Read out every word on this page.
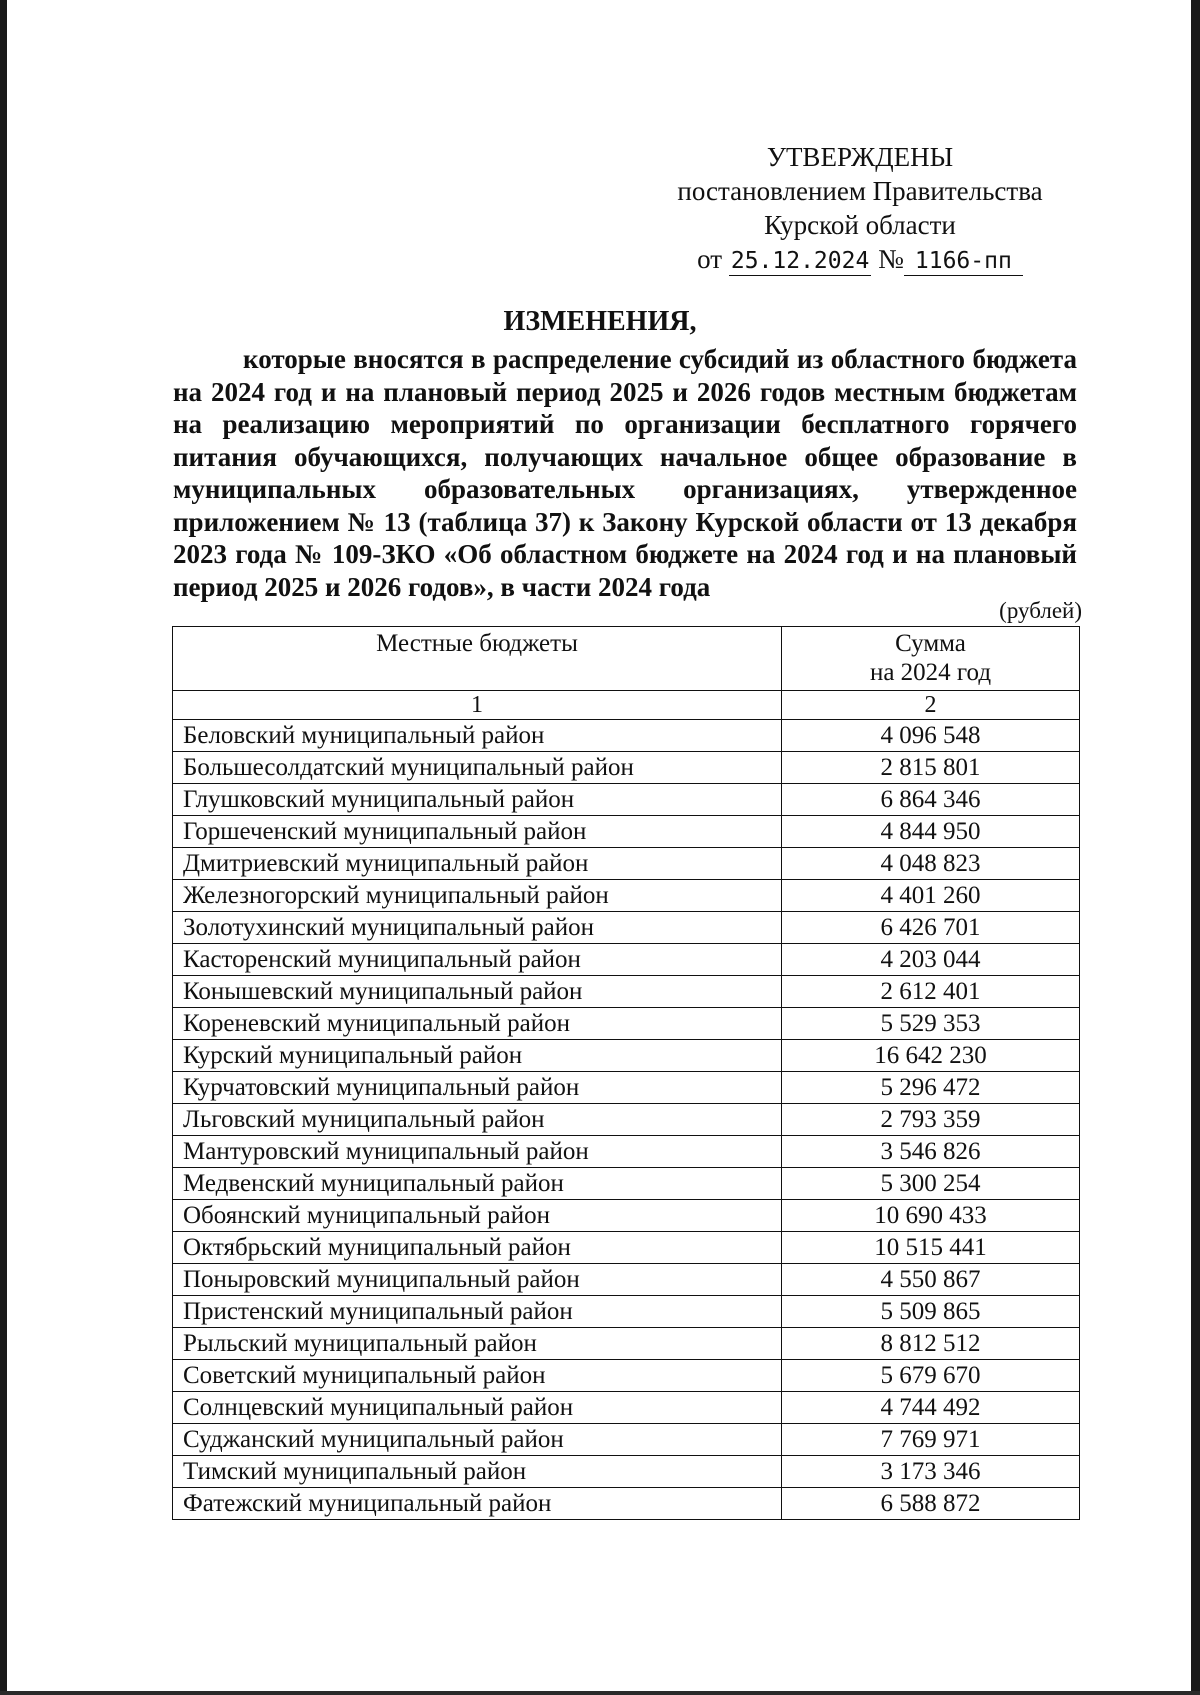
УТВЕРЖДЕНЫ
постановлением Правительства
Курской области
от 25.12.2024 № 1166-пп
ИЗМЕНЕНИЯ,

которые вносятся в распределение субсидий из областного бюджета на 2024 год и на плановый период 2025 и 2026 годов местным бюджетам на реализацию мероприятий по организации бесплатного горячего питания обучающихся, получающих начальное общее образование в муниципальных образовательных организациях, утвержденное приложением № 13 (таблица 37) к Закону Курской области от 13 декабря 2023 года № 109-ЗКО «Об областном бюджете на 2024 год и на плановый период 2025 и 2026 годов», в части 2024 года

(рублей)
Местные бюджеты	Сумма
на 2024 год
1	2
Беловский муниципальный район	4 096 548
Большесолдатский муниципальный район	2 815 801
Глушковский муниципальный район	6 864 346
Горшеченский муниципальный район	4 844 950
Дмитриевский муниципальный район	4 048 823
Железногорский муниципальный район	4 401 260
Золотухинский муниципальный район	6 426 701
Касторенский муниципальный район	4 203 044
Конышевский муниципальный район	2 612 401
Кореневский муниципальный район	5 529 353
Курский муниципальный район	16 642 230
Курчатовский муниципальный район	5 296 472
Льговский муниципальный район	2 793 359
Мантуровский муниципальный район	3 546 826
Медвенский муниципальный район	5 300 254
Обоянский муниципальный район	10 690 433
Октябрьский муниципальный район	10 515 441
Поныровский муниципальный район	4 550 867
Пристенский муниципальный район	5 509 865
Рыльский муниципальный район	8 812 512
Советский муниципальный район	5 679 670
Солнцевский муниципальный район	4 744 492
Суджанский муниципальный район	7 769 971
Тимский муниципальный район	3 173 346
Фатежский муниципальный район	6 588 872
